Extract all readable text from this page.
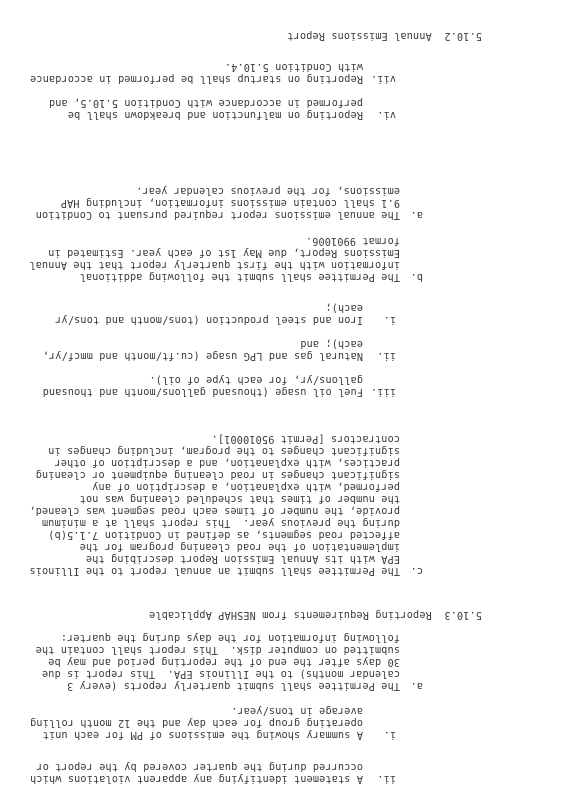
vi.
Reporting on malfunction and breakdown shall be
performed in accordance with Condition 5.10.5, and
vii.
Reporting on startup shall be performed in accordance
with Condition 5.10.4.
5.10.2  Annual Emissions Report
a.
The annual emissions report required pursuant to Condition
9.1 shall contain emissions information, including HAP
emissions, for the previous calendar year.
b.
The Permittee shall submit the following additional
information with the first quarterly report that the Annual
Emissions Report, due May 1st of each year. Estimated in
format 9901006.
i.
Iron and steel production (tons/month and tons/yr
each);
ii.
Natural gas and LPG usage (cu.ft/month and mmcf/yr,
each); and
iii.
Fuel oil usage (thousand gallons/month and thousand
gallons/yr, for each type of oil).
c.
The Permittee shall submit an annual report to the Illinois
EPA with its Annual Emission Report describing the
implementation of the road cleaning program for the
affected road segments, as defined in Condition 7.1.5(b)
during the previous year.  This report shall at a minimum
provide, the number of times each road segment was cleaned,
the number of times that scheduled cleaning was not
performed, with explanation, a description of any
significant changes in road cleaning equipment or cleaning
practices, with explanation, and a description of other
significant changes to the program, including changes in
contractors [Permit 95010001].
5.10.3  Reporting Requirements from NESHAP Applicable
a.
The Permittee shall submit quarterly reports (every 3
calendar months) to the Illinois EPA.  This report is due
30 days after the end of the reporting period and may be
submitted on computer disk.  This report shall contain the
following information for the days during the quarter:
i.
A summary showing the emissions of PM for each unit
operating group for each day and the 12 month rolling
average in tons/year.
ii.
A statement identifying any apparent violations which
occurred during the quarter covered by the report or
